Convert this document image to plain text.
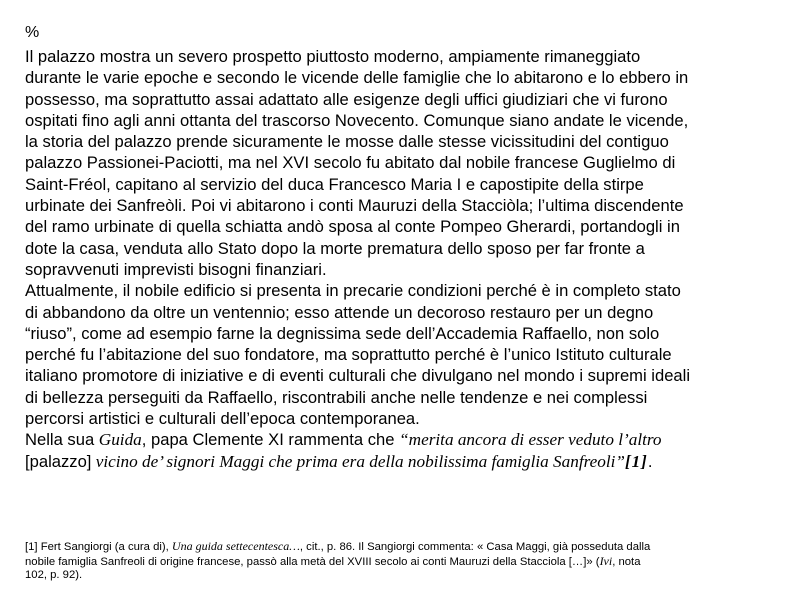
%
Il palazzo mostra un severo prospetto piuttosto moderno, ampiamente rimaneggiato
durante le varie epoche e secondo le vicende delle famiglie che lo abitarono e lo ebbero in
possesso, ma soprattutto assai adattato alle esigenze degli uffici giudiziari che vi furono
ospitati fino agli anni ottanta del trascorso Novecento. Comunque siano andate le vicende,
la storia del palazzo prende sicuramente le mosse dalle stesse vicissitudini del contiguo
palazzo Passionei-Paciotti, ma nel XVI secolo fu abitato dal nobile francese Guglielmo di
Saint-Fréol, capitano al servizio del duca Francesco Maria I e capostipite della stirpe
urbinate dei Sanfreòli. Poi vi abitarono i conti Mauruzi della Stacciòla; l’ultima discendente
del ramo urbinate di quella schiatta andò sposa al conte Pompeo Gherardi, portandogli in
dote la casa, venduta allo Stato dopo la morte prematura dello sposo per far fronte a
sopravvenuti imprevisti bisogni finanziari.
Attualmente, il nobile edificio si presenta in precarie condizioni perché è in completo stato
di abbandono da oltre un ventennio; esso attende un decoroso restauro per un degno
“riuso”, come ad esempio farne la degnissima sede dell’Accademia Raffaello, non solo
perché fu l’abitazione del suo fondatore, ma soprattutto perché è l’unico Istituto culturale
italiano promotore di iniziative e di eventi culturali che divulgano nel mondo i supremi ideali
di bellezza perseguiti da Raffaello, riscontrabili anche nelle tendenze e nei complessi
percorsi artistici e culturali dell’epoca contemporanea.
Nella sua Guida, papa Clemente XI rammenta che “merita ancora di esser veduto l’altro
[palazzo] vicino de’ signori Maggi che prima era della nobilissima famiglia Sanfreoli”[1].
[1] Fert Sangiorgi (a cura di), Una guida settecentesca…, cit., p. 86. Il Sangiorgi commenta: « Casa Maggi, già posseduta dalla
nobile famiglia Sanfreoli di origine francese, passò alla metà del XVIII secolo ai conti Mauruzi della Stacciola […]» (Ivi, nota
102, p. 92).
